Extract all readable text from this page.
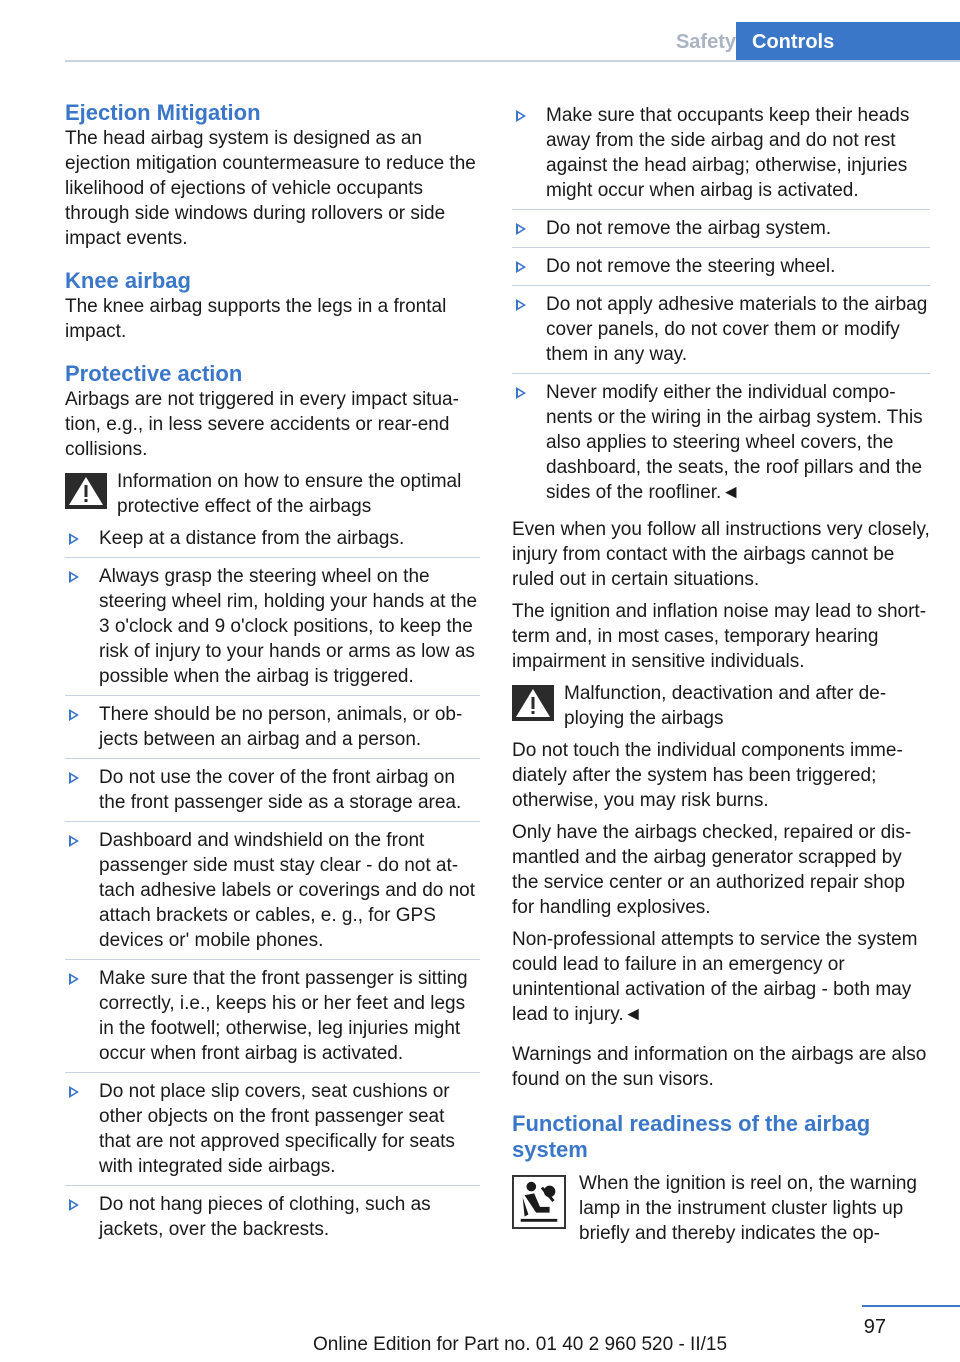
Safety Controls
Ejection Mitigation

The head airbag system is designed as an ejection mitigation countermeasure to reduce the likelihood of ejections of vehicle occupants through side windows during rollovers or side impact events.

Knee airbag

The knee airbag supports the legs in a frontal impact.

Protective action

Airbags are not triggered in every impact situation, e.g., in less severe accidents or rear-end collisions.

Information on how to ensure the optimal protective effect of the airbags
Keep at a distance from the airbags.
Always grasp the steering wheel on the steering wheel rim, holding your hands at the 3 o'clock and 9 o'clock positions, to keep the risk of injury to your hands or arms as low as possible when the airbag is triggered.
There should be no person, animals, or objects between an airbag and a person.
Do not use the cover of the front airbag on the front passenger side as a storage area.
Dashboard and windshield on the front passenger side must stay clear - do not attach adhesive labels or coverings and do not attach brackets or cables, e. g., for GPS devices or' mobile phones.
Make sure that the front passenger is sitting correctly, i.e., keeps his or her feet and legs in the footwell; otherwise, leg injuries might occur when front airbag is activated.
Do not place slip covers, seat cushions or other objects on the front passenger seat that are not approved specifically for seats with integrated side airbags.
Do not hang pieces of clothing, such as jackets, over the backrests.
Make sure that occupants keep their heads away from the side airbag and do not rest against the head airbag; otherwise, injuries might occur when airbag is activated.
Do not remove the airbag system.
Do not remove the steering wheel.
Do not apply adhesive materials to the airbag cover panels, do not cover them or modify them in any way.
Never modify either the individual components or the wiring in the airbag system. This also applies to steering wheel covers, the dashboard, the seats, the roof pillars and the sides of the roofliner.◄

Even when you follow all instructions very closely, injury from contact with the airbags cannot be ruled out in certain situations.

The ignition and inflation noise may lead to short-term and, in most cases, temporary hearing impairment in sensitive individuals.

Malfunction, deactivation and after deploying the airbags

Do not touch the individual components immediately after the system has been triggered; otherwise, you may risk burns.

Only have the airbags checked, repaired or dismantled and the airbag generator scrapped by the service center or an authorized repair shop for handling explosives.

Non-professional attempts to service the system could lead to failure in an emergency or unintentional activation of the airbag - both may lead to injury.◄

Warnings and information on the airbags are also found on the sun visors.

Functional readiness of the airbag system
When the ignition is reel on, the warning lamp in the instrument cluster lights up briefly and thereby indicates the op-
97
Online Edition for Part no. 01 40 2 960 520 - II/15
